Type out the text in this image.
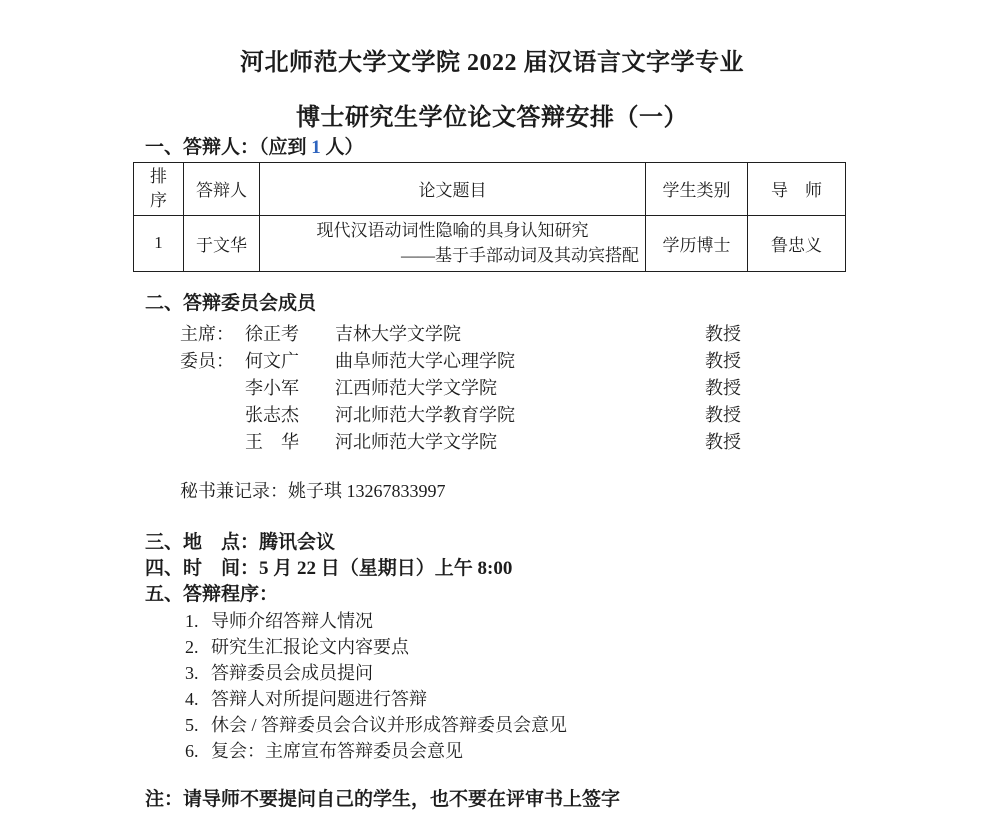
河北师范大学文学院 2022 届汉语言文字学专业
博士研究生学位论文答辩安排（一）
一、答辩人：（应到 1 人）
排序	答辩人	论文题目	学生类别	导　师
1	于文华	现代汉语动词性隐喻的具身认知研究
——基于手部动词及其动宾搭配	学历博士	鲁忠义
二、答辩委员会成员
主席： 徐正考	吉林大学文学院	教授
委员： 何文广	曲阜师范大学心理学院	教授
李小军	江西师范大学文学院	教授
张志杰	河北师范大学教育学院	教授
王　华	河北师范大学文学院	教授
秘书兼记录：姚子琪 13267833997
三、地　点：腾讯会议
四、时　间：5 月 22 日（星期日）上午 8:00
五、答辩程序：
1. 导师介绍答辩人情况
2. 研究生汇报论文内容要点
3. 答辩委员会成员提问
4. 答辩人对所提问题进行答辩
5. 休会 / 答辩委员会合议并形成答辩委员会意见
6. 复会：主席宣布答辩委员会意见
注：请导师不要提问自己的学生，也不要在评审书上签字
